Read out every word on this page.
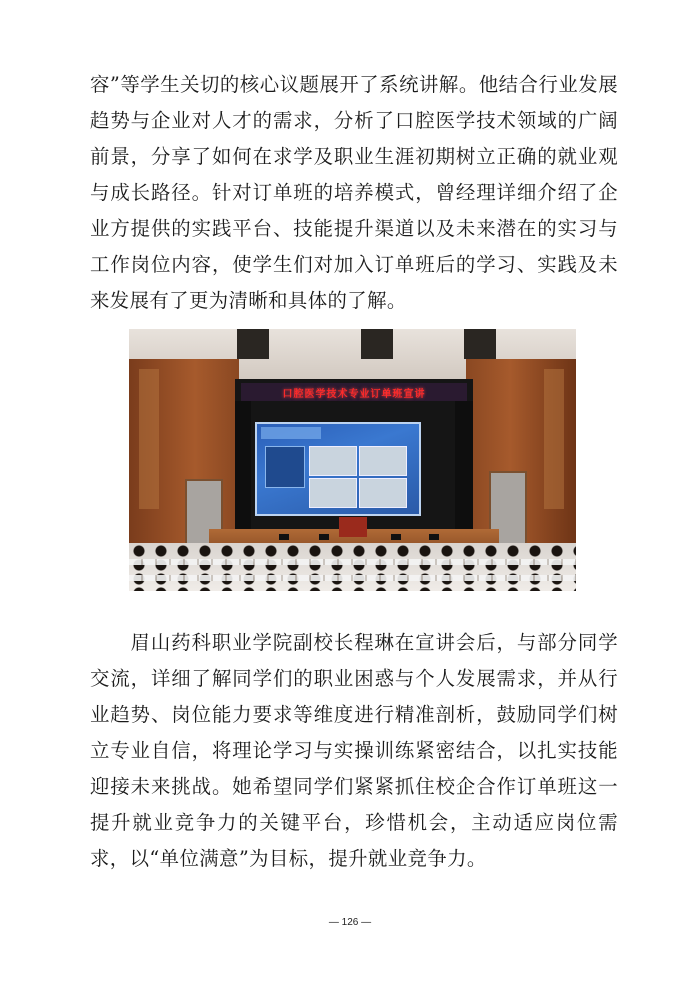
容”等学生关切的核心议题展开了系统讲解。他结合行业发展趋势与企业对人才的需求，分析了口腔医学技术领域的广阔前景，分享了如何在求学及职业生涯初期树立正确的就业观与成长路径。针对订单班的培养模式，曾经理详细介绍了企业方提供的实践平台、技能提升渠道以及未来潜在的实习与工作岗位内容，使学生们对加入订单班后的学习、实践及未来发展有了更为清晰和具体的了解。

口腔医学技术专业订单班宣讲

眉山药科职业学院副校长程琳在宣讲会后，与部分同学交流，详细了解同学们的职业困惑与个人发展需求，并从行业趋势、岗位能力要求等维度进行精准剖析，鼓励同学们树立专业自信，将理论学习与实操训练紧密结合，以扎实技能迎接未来挑战。她希望同学们紧紧抓住校企合作订单班这一提升就业竞争力的关键平台，珍惜机会，主动适应岗位需求，以“单位满意”为目标，提升就业竞争力。

— 126 —
